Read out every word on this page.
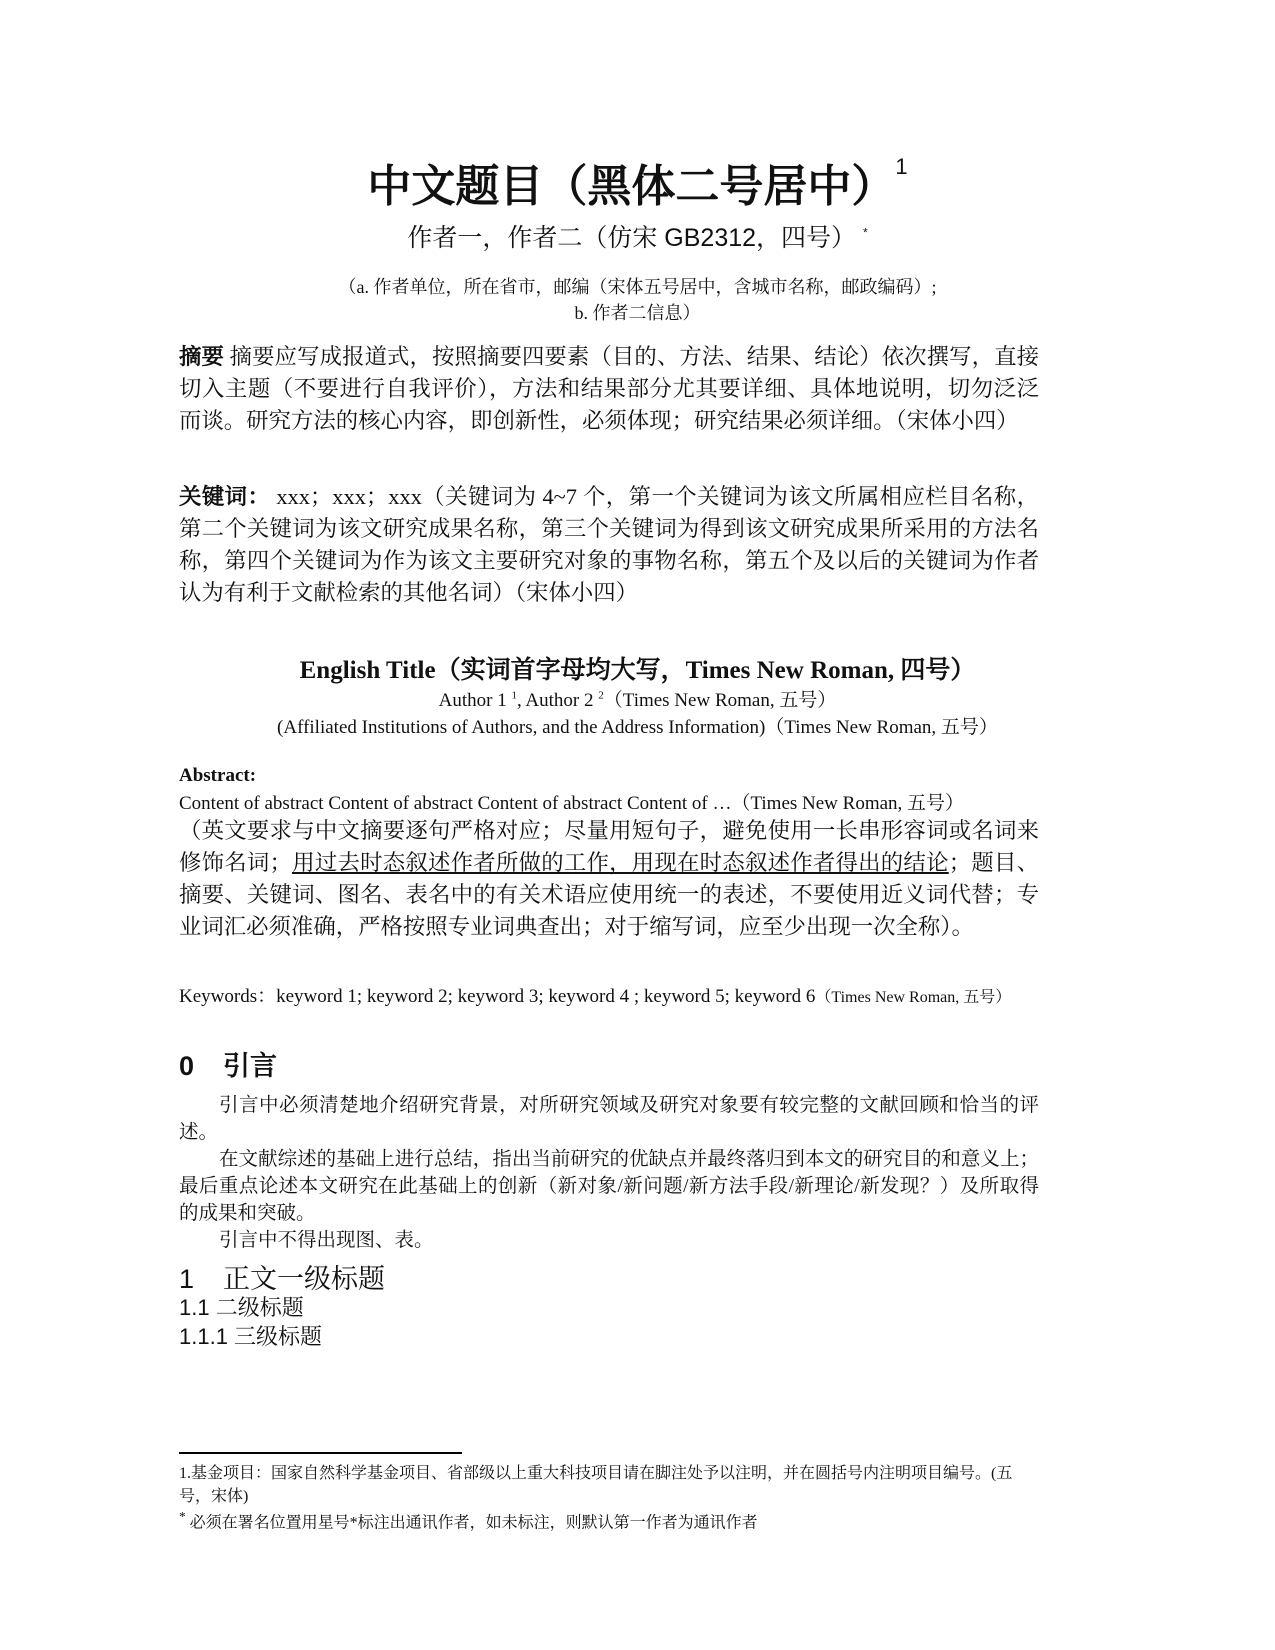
中文题目（黑体二号居中）$^1$
作者一，作者二（仿宋 GB2312，四号） *
（a. 作者单位，所在省市，邮编（宋体五号居中，含城市名称，邮政编码）;
b. 作者二信息）
摘要 摘要应写成报道式，按照摘要四要素（目的、方法、结果、结论）依次撰写，直接切入主题（不要进行自我评价），方法和结果部分尤其要详细、具体地说明，切勿泛泛而谈。研究方法的核心内容，即创新性，必须体现；研究结果必须详细。（宋体小四）
关键词： xxx；xxx；xxx（关键词为 4~7 个，第一个关键词为该文所属相应栏目名称，第二个关键词为该文研究成果名称，第三个关键词为得到该文研究成果所采用的方法名称，第四个关键词为作为该文主要研究对象的事物名称，第五个及以后的关键词为作者认为有利于文献检索的其他名词）（宋体小四）
English Title（实词首字母均大写，Times New Roman, 四号）
Author 1 $^1$, Author 2 $^2$（Times New Roman, 五号）
(Affiliated Institutions of Authors, and the Address Information)（Times New Roman, 五号）
Abstract: Content of abstract Content of abstract Content of abstract Content of …（Times New Roman, 五号）
（英文要求与中文摘要逐句严格对应；尽量用短句子，避免使用一长串形容词或名词来修饰名词；用过去时态叙述作者所做的工作，用现在时态叙述作者得出的结论；题目、摘要、关键词、图名、表名中的有关术语应使用统一的表述，不要使用近义词代替；专业词汇必须准确，严格按照专业词典查出；对于缩写词，应至少出现一次全称）。
Keywords：keyword 1; keyword 2; keyword 3; keyword 4 ; keyword 5; keyword 6（Times New Roman, 五号）
0 引言
引言中必须清楚地介绍研究背景，对所研究领域及研究对象要有较完整的文献回顾和恰当的评述。
在文献综述的基础上进行总结，指出当前研究的优缺点并最终落归到本文的研究目的和意义上；最后重点论述本文研究在此基础上的创新（新对象/新问题/新方法手段/新理论/新发现？）及所取得的成果和突破。
引言中不得出现图、表。
1 正文一级标题
1.1 二级标题
1.1.1 三级标题
1.基金项目：国家自然科学基金项目、省部级以上重大科技项目请在脚注处予以注明，并在圆括号内注明项目编号。(五号，宋体)
* 必须在署名位置用星号*标注出通讯作者，如未标注，则默认第一作者为通讯作者
